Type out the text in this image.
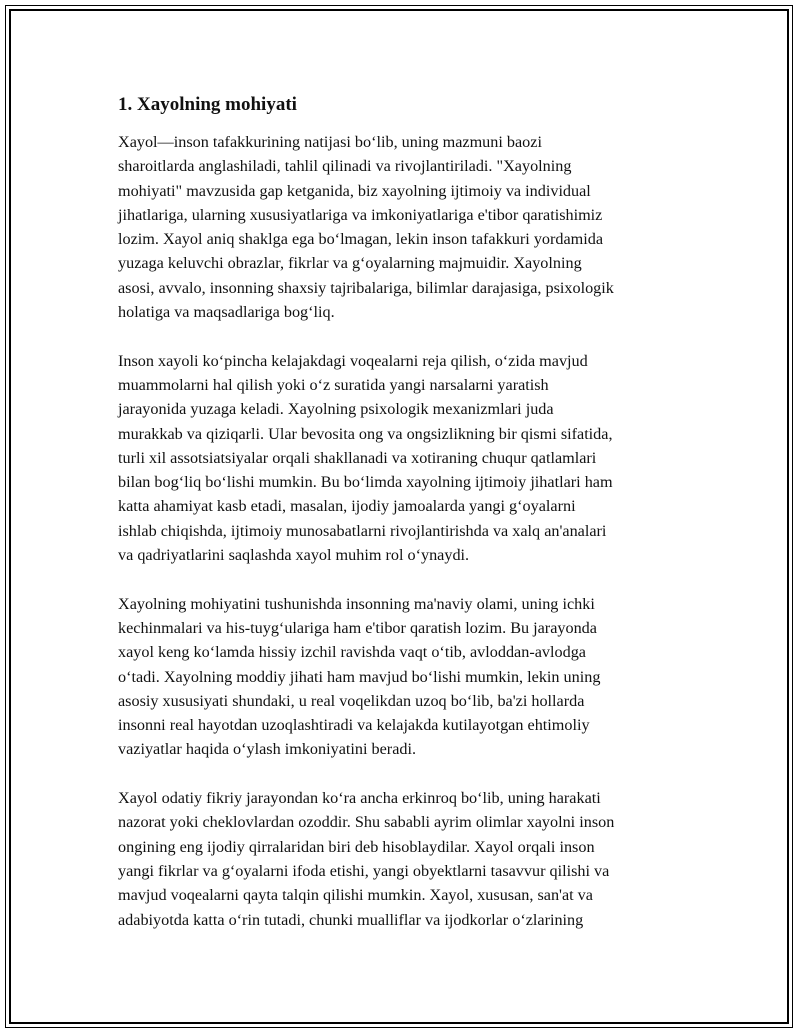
1. Xayolning mohiyati

Xayol—inson tafakkurining natijasi bo‘lib, uning mazmuni baozi
sharoitlarda anglashiladi, tahlil qilinadi va rivojlantiriladi. "Xayolning
mohiyati" mavzusida gap ketganida, biz xayolning ijtimoiy va individual
jihatlariga, ularning xususiyatlariga va imkoniyatlariga e'tibor qaratishimiz
lozim. Xayol aniq shaklga ega bo‘lmagan, lekin inson tafakkuri yordamida
yuzaga keluvchi obrazlar, fikrlar va g‘oyalarning majmuidir. Xayolning
asosi, avvalo, insonning shaxsiy tajribalariga, bilimlar darajasiga, psixologik
holatiga va maqsadlariga bog‘liq.

Inson xayoli ko‘pincha kelajakdagi voqealarni reja qilish, o‘zida mavjud
muammolarni hal qilish yoki o‘z suratida yangi narsalarni yaratish
jarayonida yuzaga keladi. Xayolning psixologik mexanizmlari juda
murakkab va qiziqarli. Ular bevosita ong va ongsizlikning bir qismi sifatida,
turli xil assotsiatsiyalar orqali shakllanadi va xotiraning chuqur qatlamlari
bilan bog‘liq bo‘lishi mumkin. Bu bo‘limda xayolning ijtimoiy jihatlari ham
katta ahamiyat kasb etadi, masalan, ijodiy jamoalarda yangi g‘oyalarni
ishlab chiqishda, ijtimoiy munosabatlarni rivojlantirishda va xalq an'analari
va qadriyatlarini saqlashda xayol muhim rol o‘ynaydi.

Xayolning mohiyatini tushunishda insonning ma'naviy olami, uning ichki
kechinmalari va his-tuyg‘ulariga ham e'tibor qaratish lozim. Bu jarayonda
xayol keng ko‘lamda hissiy izchil ravishda vaqt o‘tib, avloddan-avlodga
o‘tadi. Xayolning moddiy jihati ham mavjud bo‘lishi mumkin, lekin uning
asosiy xususiyati shundaki, u real voqelikdan uzoq bo‘lib, ba'zi hollarda
insonni real hayotdan uzoqlashtiradi va kelajakda kutilayotgan ehtimoliy
vaziyatlar haqida o‘ylash imkoniyatini beradi.

Xayol odatiy fikriy jarayondan ko‘ra ancha erkinroq bo‘lib, uning harakati
nazorat yoki cheklovlardan ozoddir. Shu sababli ayrim olimlar xayolni inson
ongining eng ijodiy qirralaridan biri deb hisoblaydilar. Xayol orqali inson
yangi fikrlar va g‘oyalarni ifoda etishi, yangi obyektlarni tasavvur qilishi va
mavjud voqealarni qayta talqin qilishi mumkin. Xayol, xususan, san'at va
adabiyotda katta o‘rin tutadi, chunki mualliflar va ijodkorlar o‘zlarining
